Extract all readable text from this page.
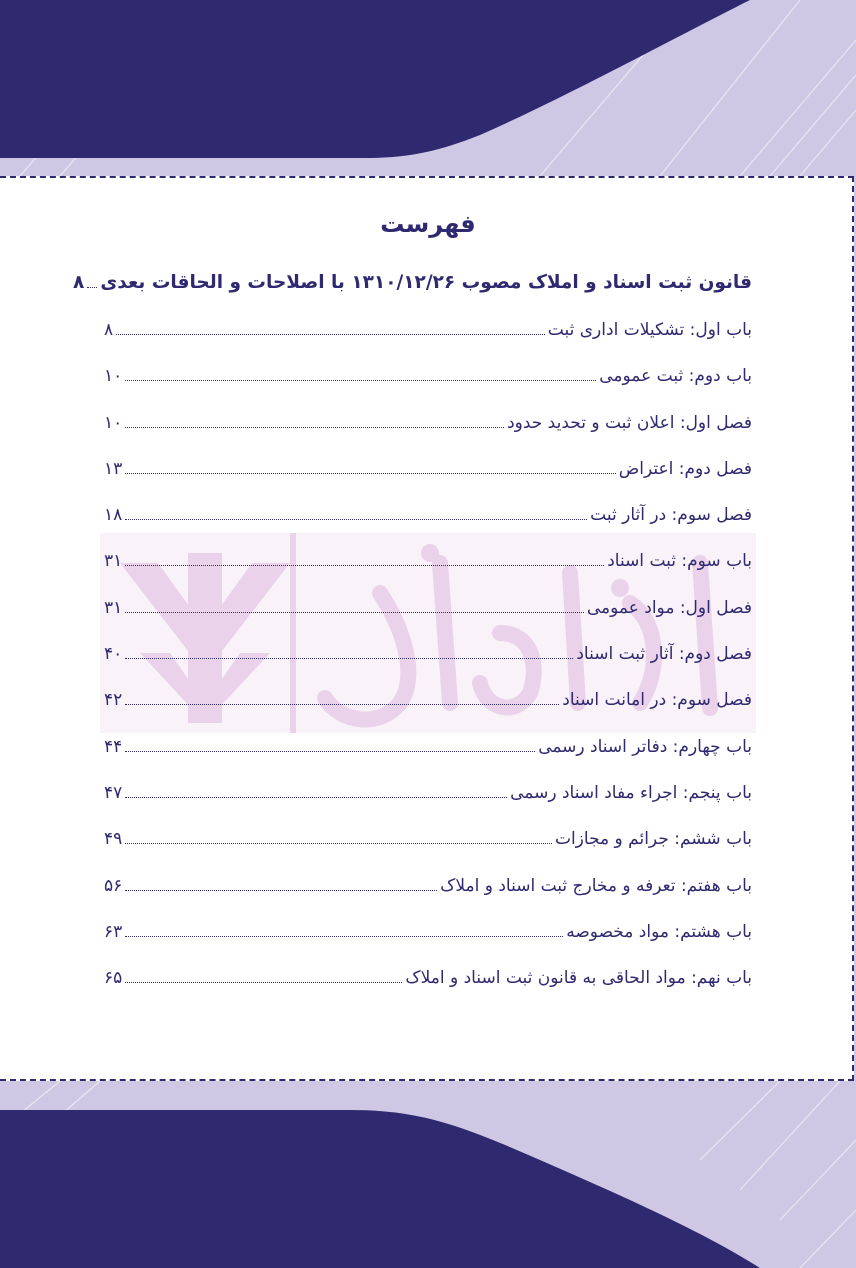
فهرست
قانون ثبت اسناد و املاک مصوب ۱۳۱۰/۱۲/۲۶ با اصلاحات و الحاقات بعدی
۸
باب اول: تشکیلات اداری ثبت
۸
باب دوم: ثبت عمومی
۱۰
فصل اول: اعلان ثبت و تحدید حدود
۱۰
فصل دوم: اعتراض
۱۳
فصل سوم: در آثار ثبت
۱۸
باب سوم: ثبت اسناد
۳۱
فصل اول: مواد عمومی
۳۱
فصل دوم: آثار ثبت اسناد
۴۰
فصل سوم: در امانت اسناد
۴۲
باب چهارم: دفاتر اسناد رسمی
۴۴
باب پنجم: اجراء مفاد اسناد رسمی
۴۷
باب ششم: جرائم و مجازات
۴۹
باب هفتم: تعرفه و مخارج ثبت اسناد و املاک
۵۶
باب هشتم: مواد مخصوصه
۶۳
باب نهم: مواد الحاقی به قانون ثبت اسناد و املاک
۶۵
